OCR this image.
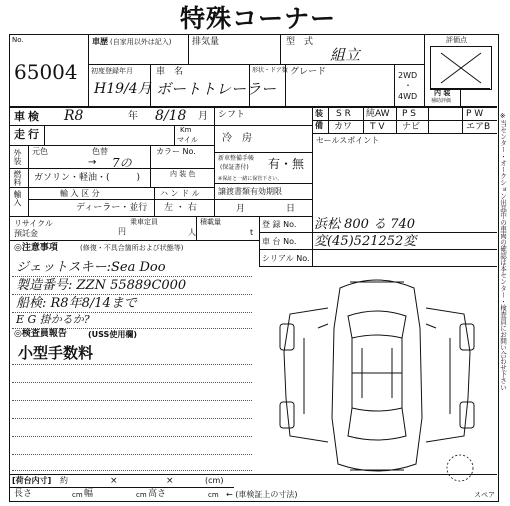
特殊コーナー
No.
65004
車歴 (自家用以外は記入) 排気量	型　式
組立
評価点
内 装
補助評価
初度登録年月
H19/4月
車　名
ボートトレーラー
形状・ドア数 グレード	2WD
・
4WD
車検 R8	年 8/18 月 シフト
冷　房
装
備
S R 純AW P S	P W
カワ T V ナビ	エアB
セールスポイント
走行	Km
マイル
外装 元色	色替
→ 7の
カラー No.
内 装 色
新車整備手帳
(保証書付) 有・無
※保証と一緒に保管下さい。
燃料 ガソリン・軽油・(　　　)
輸入	輸 入 区 分
ディーラー・並行
ハ ン ド ル
左 ・ 右
譲渡書類有効期限
月	日
リサイクル
預託金	円
乗車定員
人
積載量
t
登 録 No. 浜松 800 る 740
車 台 No. 変(45)521252変
シリアル No.
◎注意事項	(修復・不具合箇所および状態等)
ジェットスキー:Sea Doo
製造番号: ZZN 55889C000
船検: R8年8/14まで
E G 掛かるか?
◎検査員報告	(USS使用欄)
小型手数料
スペア
[荷台内寸] 約	×	×	(cm)
長さ	cm 幅	cm 高さ	cm ← (車検証上の寸法)
※当センター・オークション出品中の車両の確認は本センター・検査員にお問い合わせ下さい
